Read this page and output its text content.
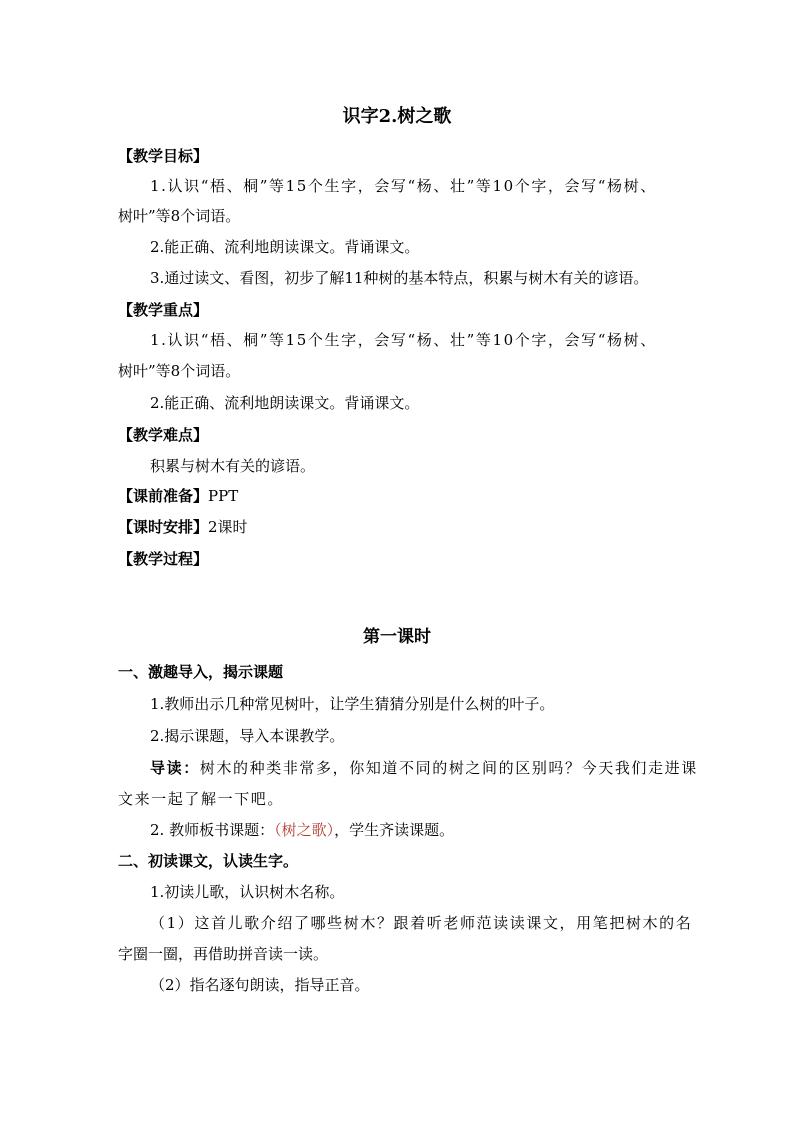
识字2.树之歌
【教学目标】
1.认识“梧、桐”等15个生字，会写“杨、壮”等10个字，会写“杨树、
树叶”等8个词语。
2.能正确、流利地朗读课文。背诵课文。
3.通过读文、看图，初步了解11种树的基本特点，积累与树木有关的谚语。
【教学重点】
1.认识“梧、桐”等15个生字，会写“杨、壮”等10个字，会写“杨树、
树叶”等8个词语。
2.能正确、流利地朗读课文。背诵课文。
【教学难点】
积累与树木有关的谚语。
【课前准备】PPT
【课时安排】2课时
【教学过程】
第一课时
一、激趣导入，揭示课题
1.教师出示几种常见树叶，让学生猜猜分别是什么树的叶子。
2.揭示课题，导入本课教学。
导读：树木的种类非常多，你知道不同的树之间的区别吗？今天我们走进课
文来一起了解一下吧。
2. 教师板书课题：（树之歌），学生齐读课题。
二、初读课文，认读生字。
1.初读儿歌，认识树木名称。
（1）这首儿歌介绍了哪些树木？跟着听老师范读读课文，用笔把树木的名
字圈一圈，再借助拼音读一读。
（2）指名逐句朗读，指导正音。
